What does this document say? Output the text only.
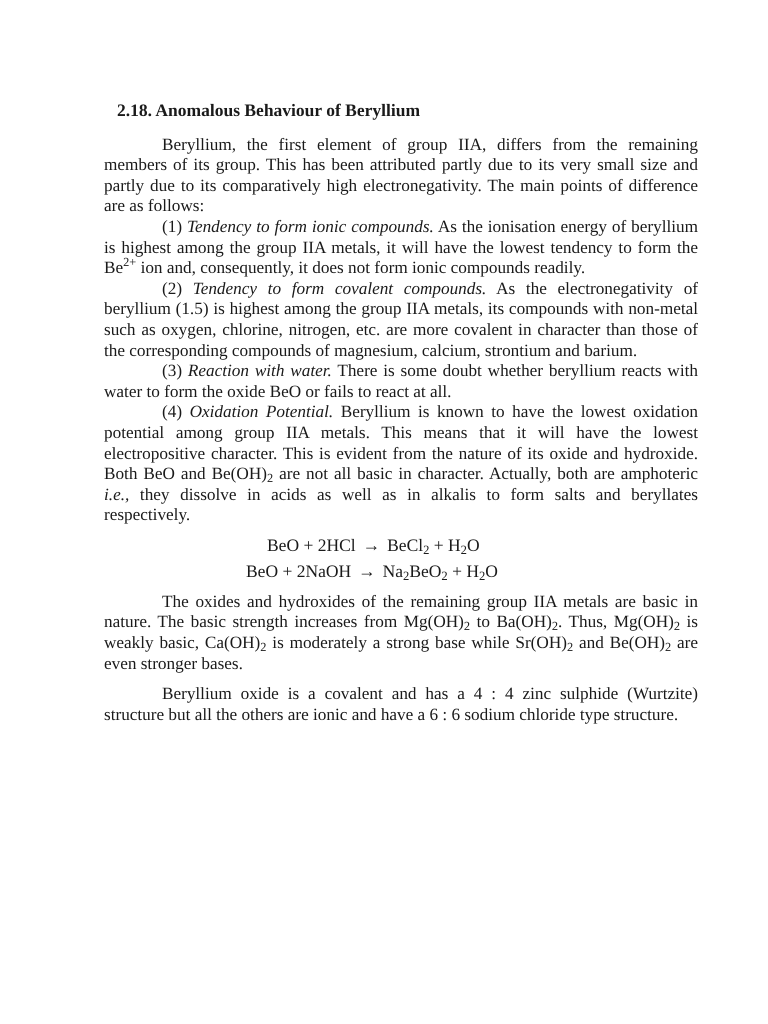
2.18. Anomalous Behaviour of Beryllium

Beryllium, the first element of group IIA, differs from the remaining members of its group. This has been attributed partly due to its very small size and partly due to its comparatively high electronegativity. The main points of difference are as follows:

(1) Tendency to form ionic compounds. As the ionisation energy of beryllium is highest among the group IIA metals, it will have the lowest tendency to form the $Be^{2+}$ ion and, consequently, it does not form ionic compounds readily.

(2) Tendency to form covalent compounds. As the electronegativity of beryllium (1.5) is highest among the group IIA metals, its compounds with non-metal such as oxygen, chlorine, nitrogen, etc. are more covalent in character than those of the corresponding compounds of magnesium, calcium, strontium and barium.

(3) Reaction with water. There is some doubt whether beryllium reacts with water to form the oxide BeO or fails to react at all.

(4) Oxidation Potential. Beryllium is known to have the lowest oxidation potential among group IIA metals. This means that it will have the lowest electropositive character. This is evident from the nature of its oxide and hydroxide. Both BeO and $Be(OH)_2$ are not all basic in character. Actually, both are amphoteric i.e., they dissolve in acids as well as in alkalis to form salts and beryllates respectively.

BeO + 2HCl → BeCl$_2$ + $H_2O$
BeO + 2NaOH → $Na_2BeO_2 + H_2O$

The oxides and hydroxides of the remaining group IIA metals are basic in nature. The basic strength increases from $Mg(OH)_2$ to $Ba(OH)_2$. Thus, $Mg(OH)_2$ is weakly basic, $Ca(OH)_2$ is moderately a strong base while $Sr(OH)_2$ and $Be(OH)_2$ are even stronger bases.

Beryllium oxide is a covalent and has a 4 : 4 zinc sulphide (Wurtzite) structure but all the others are ionic and have a 6 : 6 sodium chloride type structure.
